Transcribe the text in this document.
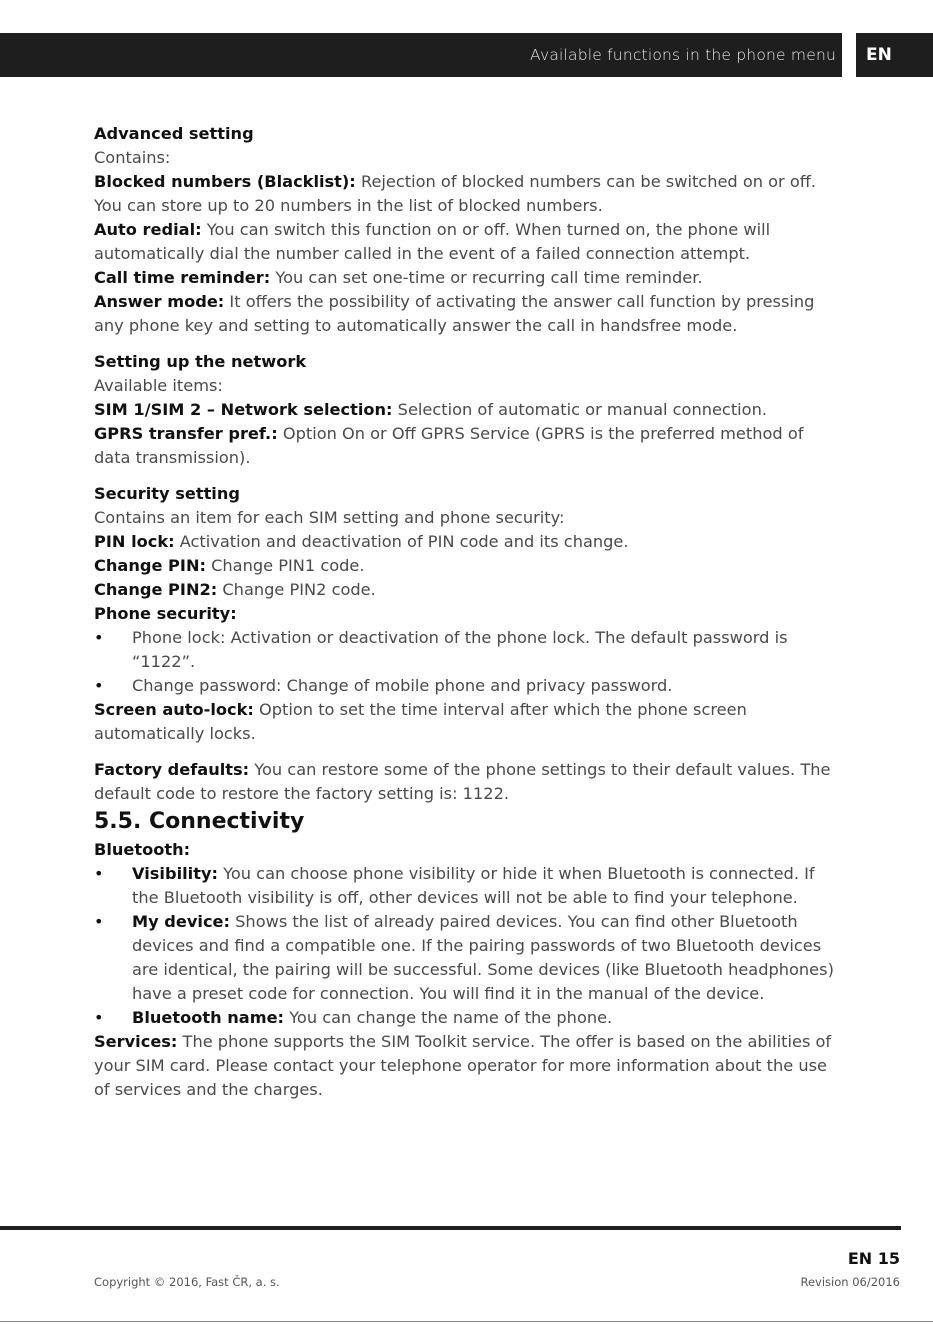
Available functions in the phone menu	EN

Advanced setting

Contains:

Blocked numbers (Blacklist): Rejection of blocked numbers can be switched on or off. You can store up to 20 numbers in the list of blocked numbers.

Auto redial: You can switch this function on or off. When turned on, the phone will automatically dial the number called in the event of a failed connection attempt.

Call time reminder: You can set one-time or recurring call time reminder.

Answer mode: It offers the possibility of activating the answer call function by pressing any phone key and setting to automatically answer the call in handsfree mode.

Setting up the network

Available items:

SIM 1/SIM 2 – Network selection: Selection of automatic or manual connection.

GPRS transfer pref.: Option On or Off GPRS Service (GPRS is the preferred method of data transmission).

Security setting

Contains an item for each SIM setting and phone security:

PIN lock: Activation and deactivation of PIN code and its change.

Change PIN: Change PIN1 code.

Change PIN2: Change PIN2 code.

Phone security:

• Phone lock: Activation or deactivation of the phone lock. The default password is “1122”.
• Change password: Change of mobile phone and privacy password.

Screen auto-lock: Option to set the time interval after which the phone screen automatically locks.

Factory defaults: You can restore some of the phone settings to their default values. The default code to restore the factory setting is: 1122.

5.5. Connectivity

Bluetooth:

• Visibility: You can choose phone visibility or hide it when Bluetooth is connected. If the Bluetooth visibility is off, other devices will not be able to find your telephone.
• My device: Shows the list of already paired devices. You can find other Bluetooth devices and find a compatible one. If the pairing passwords of two Bluetooth devices are identical, the pairing will be successful. Some devices (like Bluetooth headphones) have a preset code for connection. You will find it in the manual of the device.
• Bluetooth name: You can change the name of the phone.

Services: The phone supports the SIM Toolkit service. The offer is based on the abilities of your SIM card. Please contact your telephone operator for more information about the use of services and the charges.

EN 15
Copyright © 2016, Fast ČR, a. s.	Revision 06/2016
